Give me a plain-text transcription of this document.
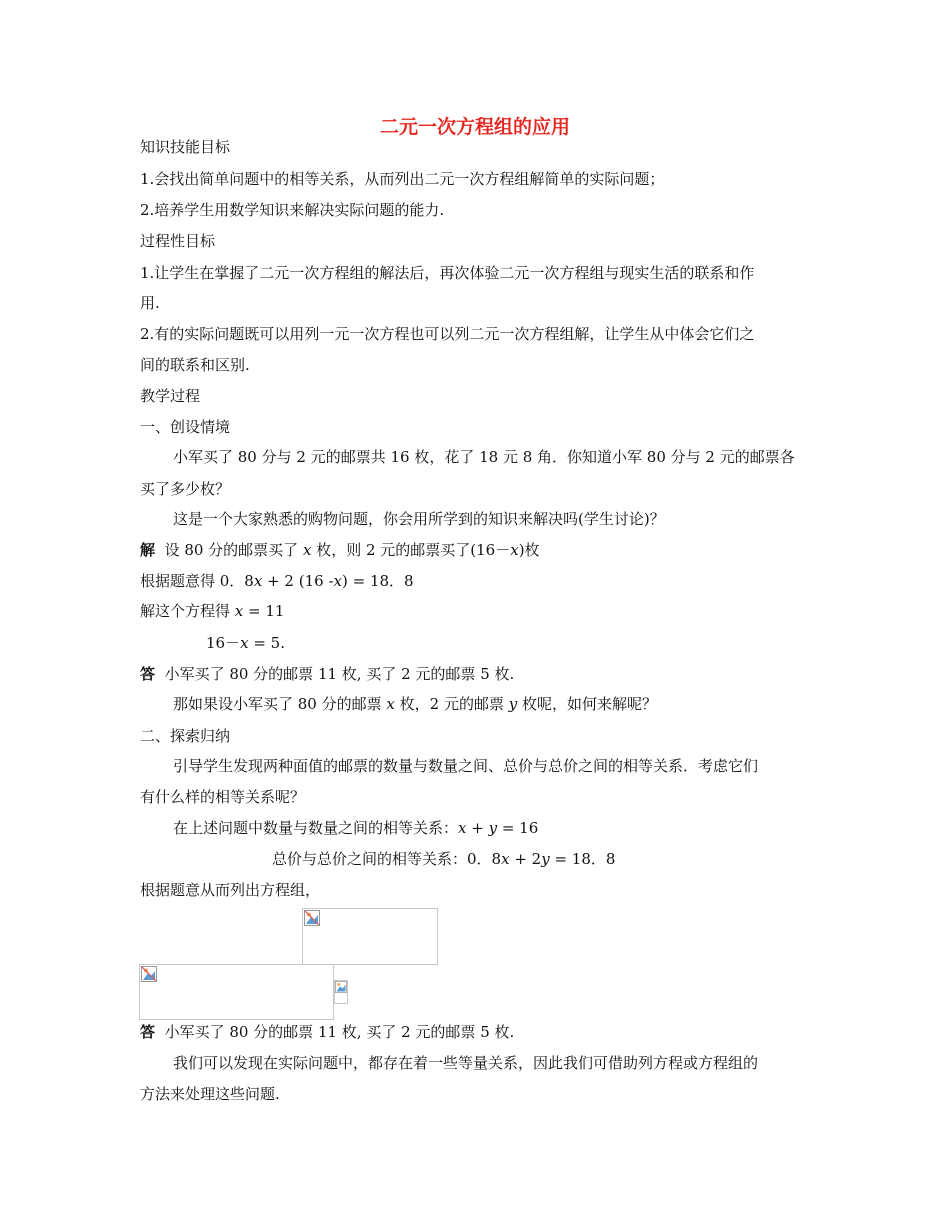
二元一次方程组的应用
知识技能目标
1.会找出简单问题中的相等关系，从而列出二元一次方程组解简单的实际问题；
2.培养学生用数学知识来解决实际问题的能力.
过程性目标
1.让学生在掌握了二元一次方程组的解法后，再次体验二元一次方程组与现实生活的联系和作
用.
2.有的实际问题既可以用列一元一次方程也可以列二元一次方程组解，让学生从中体会它们之
间的联系和区别.
教学过程
一、创设情境
小军买了 80 分与 2 元的邮票共 16 枚，花了 18 元 8 角．你知道小军 80 分与 2 元的邮票各
买了多少枚？
这是一个大家熟悉的购物问题，你会用所学到的知识来解决吗(学生讨论)？
解 设 80 分的邮票买了 x 枚，则 2 元的邮票买了(16－x)枚
根据题意得 0．8x + 2 (16 -x) = 18．8
解这个方程得 x = 11
16－x = 5.
答 小军买了 80 分的邮票 11 枚, 买了 2 元的邮票 5 枚.
那如果设小军买了 80 分的邮票 x 枚，2 元的邮票 y 枚呢，如何来解呢？
二、探索归纳
引导学生发现两种面值的邮票的数量与数量之间、总价与总价之间的相等关系．考虑它们
有什么样的相等关系呢？
在上述问题中数量与数量之间的相等关系：x + y = 16
总价与总价之间的相等关系：0．8x + 2y = 18．8
根据题意从而列出方程组，
答 小军买了 80 分的邮票 11 枚, 买了 2 元的邮票 5 枚.
我们可以发现在实际问题中，都存在着一些等量关系，因此我们可借助列方程或方程组的
方法来处理这些问题.
